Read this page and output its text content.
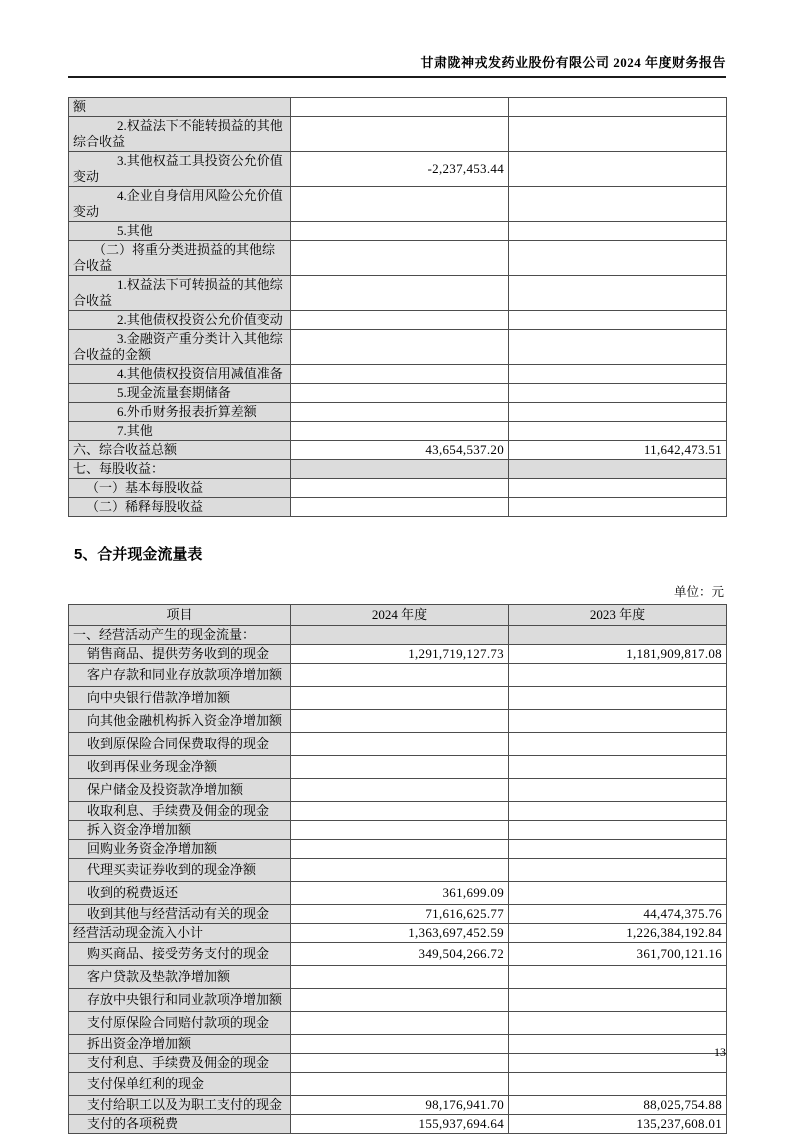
甘肃陇神戎发药业股份有限公司 2024 年度财务报告
额		
2.权益法下不能转损益的其他综合收益		
3.其他权益工具投资公允价值变动	-2,237,453.44	
4.企业自身信用风险公允价值变动		
5.其他		
（二）将重分类进损益的其他综合收益		
1.权益法下可转损益的其他综合收益		
2.其他债权投资公允价值变动		
3.金融资产重分类计入其他综合收益的金额		
4.其他债权投资信用减值准备		
5.现金流量套期储备		
6.外币财务报表折算差额		
7.其他		
六、综合收益总额	43,654,537.20	11,642,473.51
七、每股收益：		
（一）基本每股收益		
（二）稀释每股收益		
5、合并现金流量表
单位：元
项目	2024 年度	2023 年度
一、经营活动产生的现金流量：		
销售商品、提供劳务收到的现金	1,291,719,127.73	1,181,909,817.08
客户存款和同业存放款项净增加额		
向中央银行借款净增加额		
向其他金融机构拆入资金净增加额		
收到原保险合同保费取得的现金		
收到再保业务现金净额		
保户储金及投资款净增加额		
收取利息、手续费及佣金的现金		
拆入资金净增加额		
回购业务资金净增加额		
代理买卖证券收到的现金净额		
收到的税费返还	361,699.09	
收到其他与经营活动有关的现金	71,616,625.77	44,474,375.76
经营活动现金流入小计	1,363,697,452.59	1,226,384,192.84
购买商品、接受劳务支付的现金	349,504,266.72	361,700,121.16
客户贷款及垫款净增加额		
存放中央银行和同业款项净增加额		
支付原保险合同赔付款项的现金		
拆出资金净增加额		
支付利息、手续费及佣金的现金		
支付保单红利的现金		
支付给职工以及为职工支付的现金	98,176,941.70	88,025,754.88
支付的各项税费	155,937,694.64	135,237,608.01
13
